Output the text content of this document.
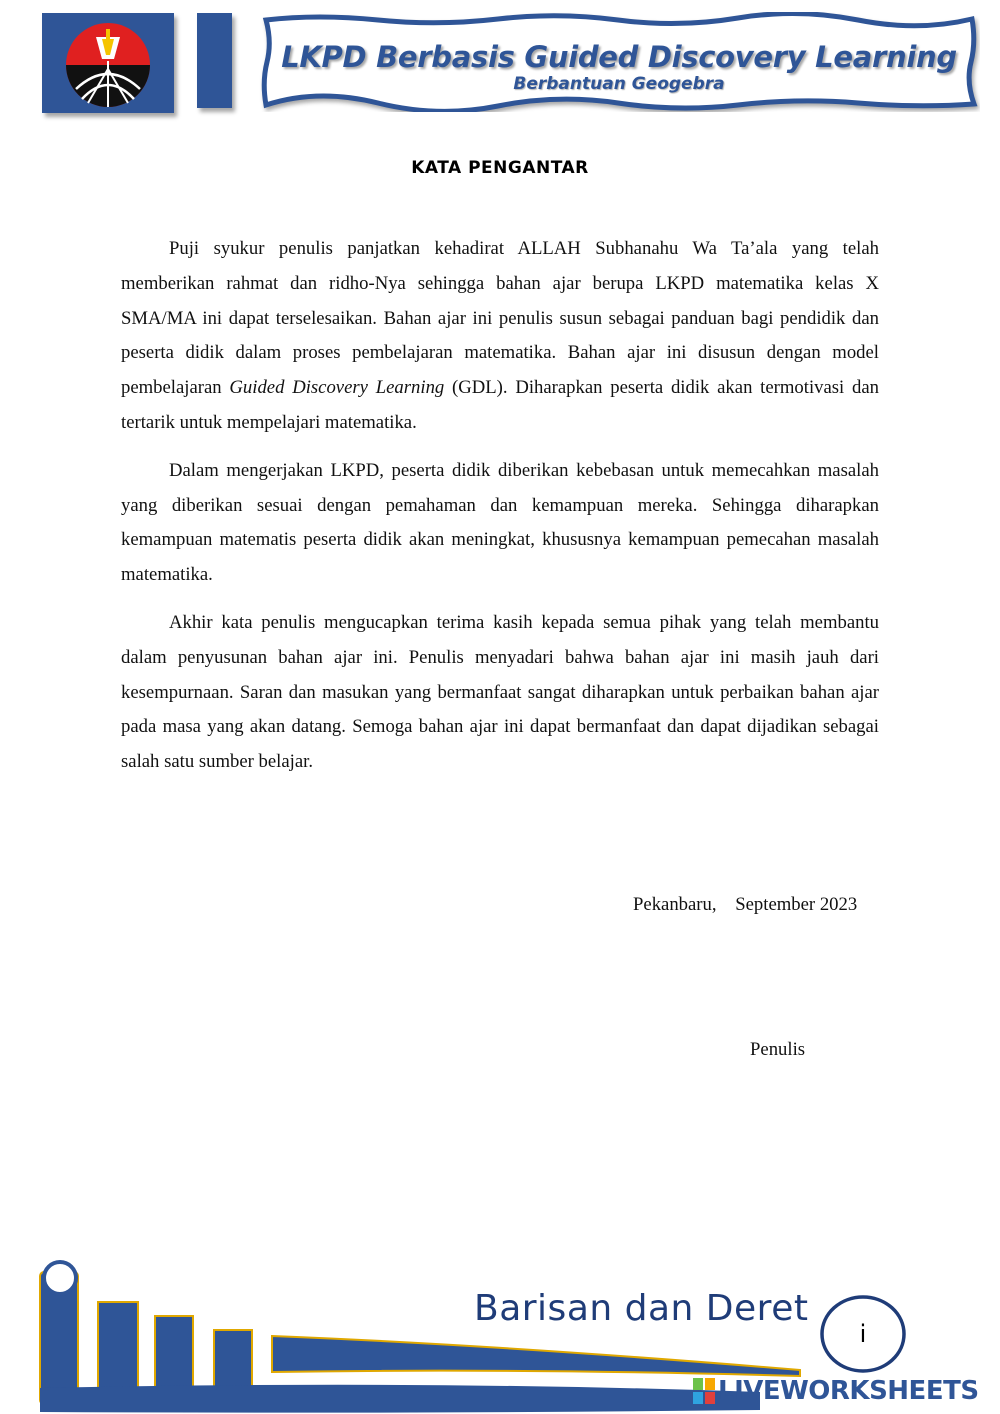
LKPD Berbasis Guided Discovery Learning
Berbantuan Geogebra
KATA PENGANTAR

Puji syukur penulis panjatkan kehadirat ALLAH Subhanahu Wa Ta’ala yang telah memberikan rahmat dan ridho-Nya sehingga bahan ajar berupa LKPD matematika kelas X SMA/MA ini dapat terselesaikan. Bahan ajar ini penulis susun sebagai panduan bagi pendidik dan peserta didik dalam proses pembelajaran matematika. Bahan ajar ini disusun dengan model pembelajaran Guided Discovery Learning (GDL). Diharapkan peserta didik akan termotivasi dan tertarik untuk mempelajari matematika.

Dalam mengerjakan LKPD, peserta didik diberikan kebebasan untuk memecahkan masalah yang diberikan sesuai dengan pemahaman dan kemampuan mereka. Sehingga diharapkan kemampuan matematis peserta didik akan meningkat, khususnya kemampuan pemecahan masalah matematika.

Akhir kata penulis mengucapkan terima kasih kepada semua pihak yang telah membantu dalam penyusunan bahan ajar ini. Penulis menyadari bahwa bahan ajar ini masih jauh dari kesempurnaan. Saran dan masukan yang bermanfaat sangat diharapkan untuk perbaikan bahan ajar pada masa yang akan datang. Semoga bahan ajar ini dapat bermanfaat dan dapat dijadikan sebagai salah satu sumber belajar.

Pekanbaru,    September 2023
Penulis
Barisan dan Deret
i
LIVEWORKSHEETS
